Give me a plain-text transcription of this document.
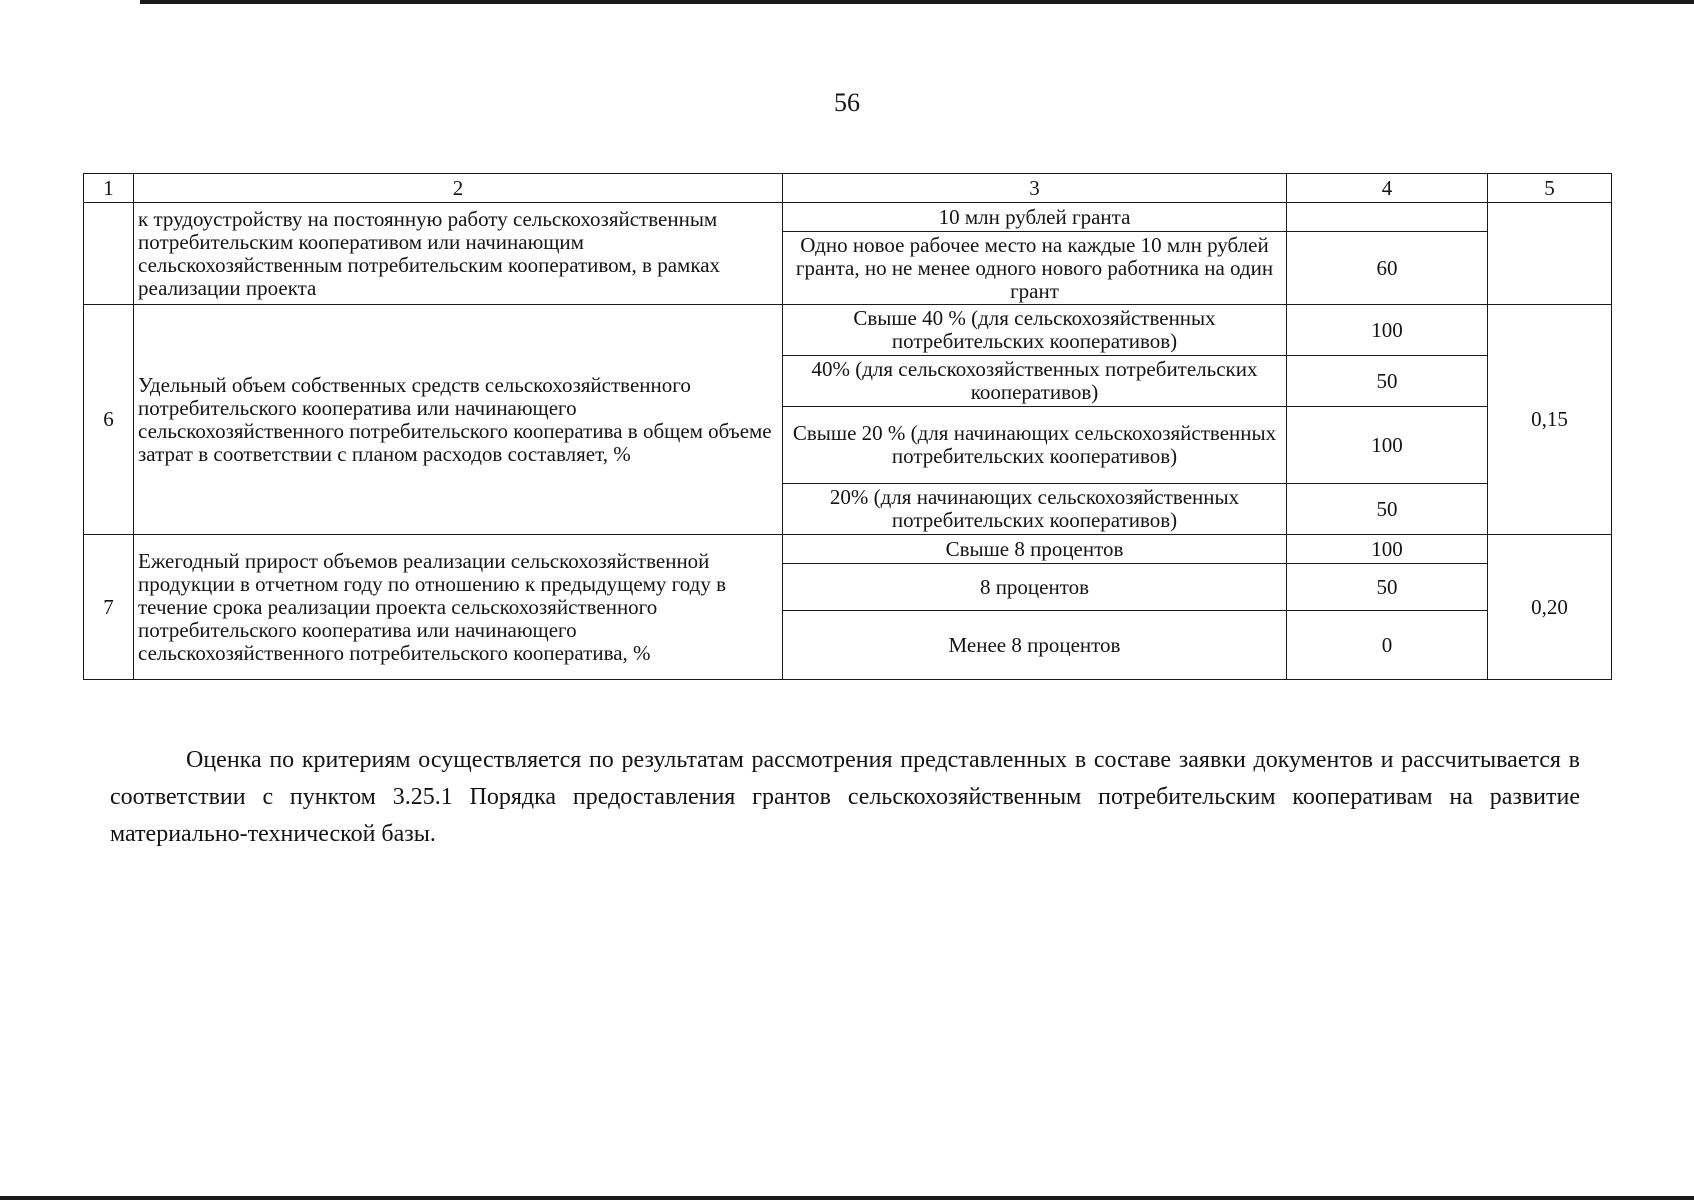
56
1	2	3	4	5
	к трудоустройству на постоянную работу сельскохозяйственным потребительским кооперативом или начинающим сельскохозяйственным потребительским кооперативом, в рамках реализации проекта	10 млн рублей гранта		
		Одно новое рабочее место на каждые 10 млн рублей гранта, но не менее одного нового работника на один грант	60	
6	Удельный объем собственных средств сельскохозяйственного потребительского кооператива или начинающего сельскохозяйственного потребительского кооператива в общем объеме затрат в соответствии с планом расходов составляет, %	Свыше 40 % (для сельскохозяйственных потребительских кооперативов)	100	0,15
		40% (для сельскохозяйственных потребительских кооперативов)	50	
		Свыше 20 % (для начинающих сельскохозяйственных потребительских кооперативов)	100	
		20% (для начинающих сельскохозяйственных потребительских кооперативов)	50	
7	Ежегодный прирост объемов реализации сельскохозяйственной продукции в отчетном году по отношению к предыдущему году в течение срока реализации проекта сельскохозяйственного потребительского кооператива или начинающего сельскохозяйственного потребительского кооператива, %	Свыше 8 процентов	100	0,20
		8 процентов	50	
		Менее 8 процентов	0	
Оценка по критериям осуществляется по результатам рассмотрения представленных в составе заявки документов и рассчитывается в соответствии с пунктом 3.25.1 Порядка предоставления грантов сельскохозяйственным потребительским кооперативам на развитие материально-технической базы.
